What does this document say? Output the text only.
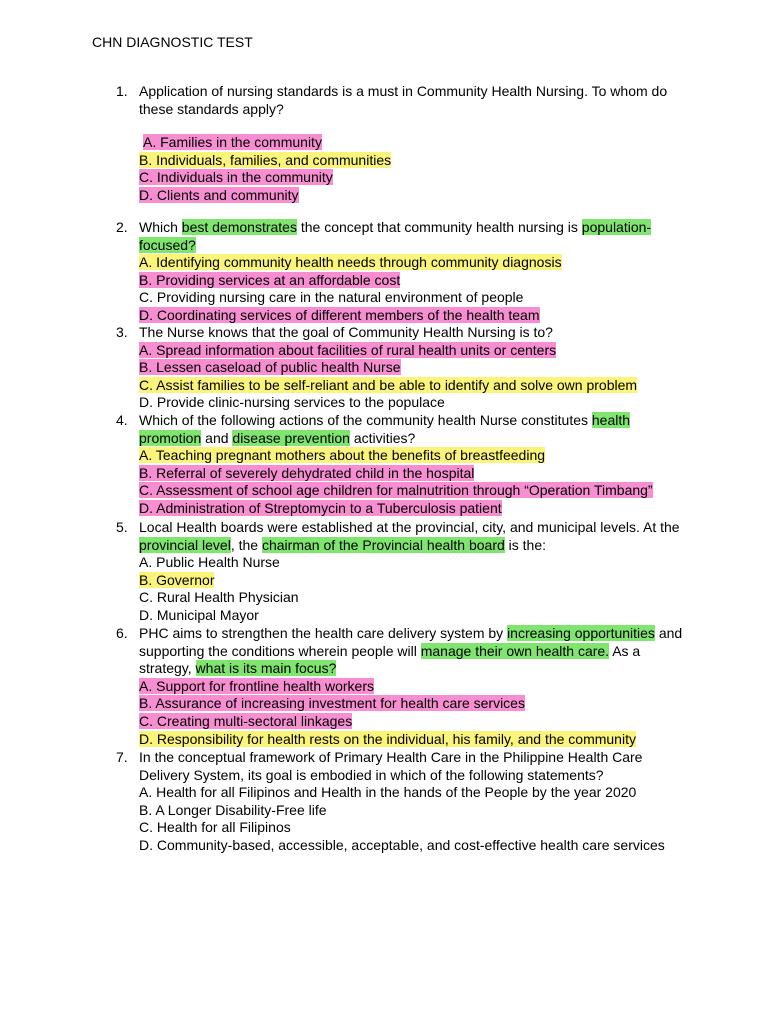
CHN DIAGNOSTIC TEST
1. Application of nursing standards is a must in Community Health Nursing. To whom do these standards apply?

A. Families in the community

B. Individuals, families, and communities

C. Individuals in the community

D. Clients and community

2. Which best demonstrates the concept that community health nursing is population-focused?

A. Identifying community health needs through community diagnosis

B. Providing services at an affordable cost

C. Providing nursing care in the natural environment of people

D. Coordinating services of different members of the health team

3. The Nurse knows that the goal of Community Health Nursing is to?

A. Spread information about facilities of rural health units or centers

B. Lessen caseload of public health Nurse

C. Assist families to be self-reliant and be able to identify and solve own problem

D. Provide clinic-nursing services to the populace

4. Which of the following actions of the community health Nurse constitutes health promotion and disease prevention activities?

A. Teaching pregnant mothers about the benefits of breastfeeding

B. Referral of severely dehydrated child in the hospital

C. Assessment of school age children for malnutrition through “Operation Timbang”

D. Administration of Streptomycin to a Tuberculosis patient

5. Local Health boards were established at the provincial, city, and municipal levels. At the provincial level, the chairman of the Provincial health board is the:

A. Public Health Nurse

B. Governor

C. Rural Health Physician

D. Municipal Mayor

6. PHC aims to strengthen the health care delivery system by increasing opportunities and supporting the conditions wherein people will manage their own health care. As a strategy, what is its main focus?

A. Support for frontline health workers

B. Assurance of increasing investment for health care services

C. Creating multi-sectoral linkages

D. Responsibility for health rests on the individual, his family, and the community

7. In the conceptual framework of Primary Health Care in the Philippine Health Care Delivery System, its goal is embodied in which of the following statements?

A. Health for all Filipinos and Health in the hands of the People by the year 2020

B. A Longer Disability-Free life

C. Health for all Filipinos

D. Community-based, accessible, acceptable, and cost-effective health care services
